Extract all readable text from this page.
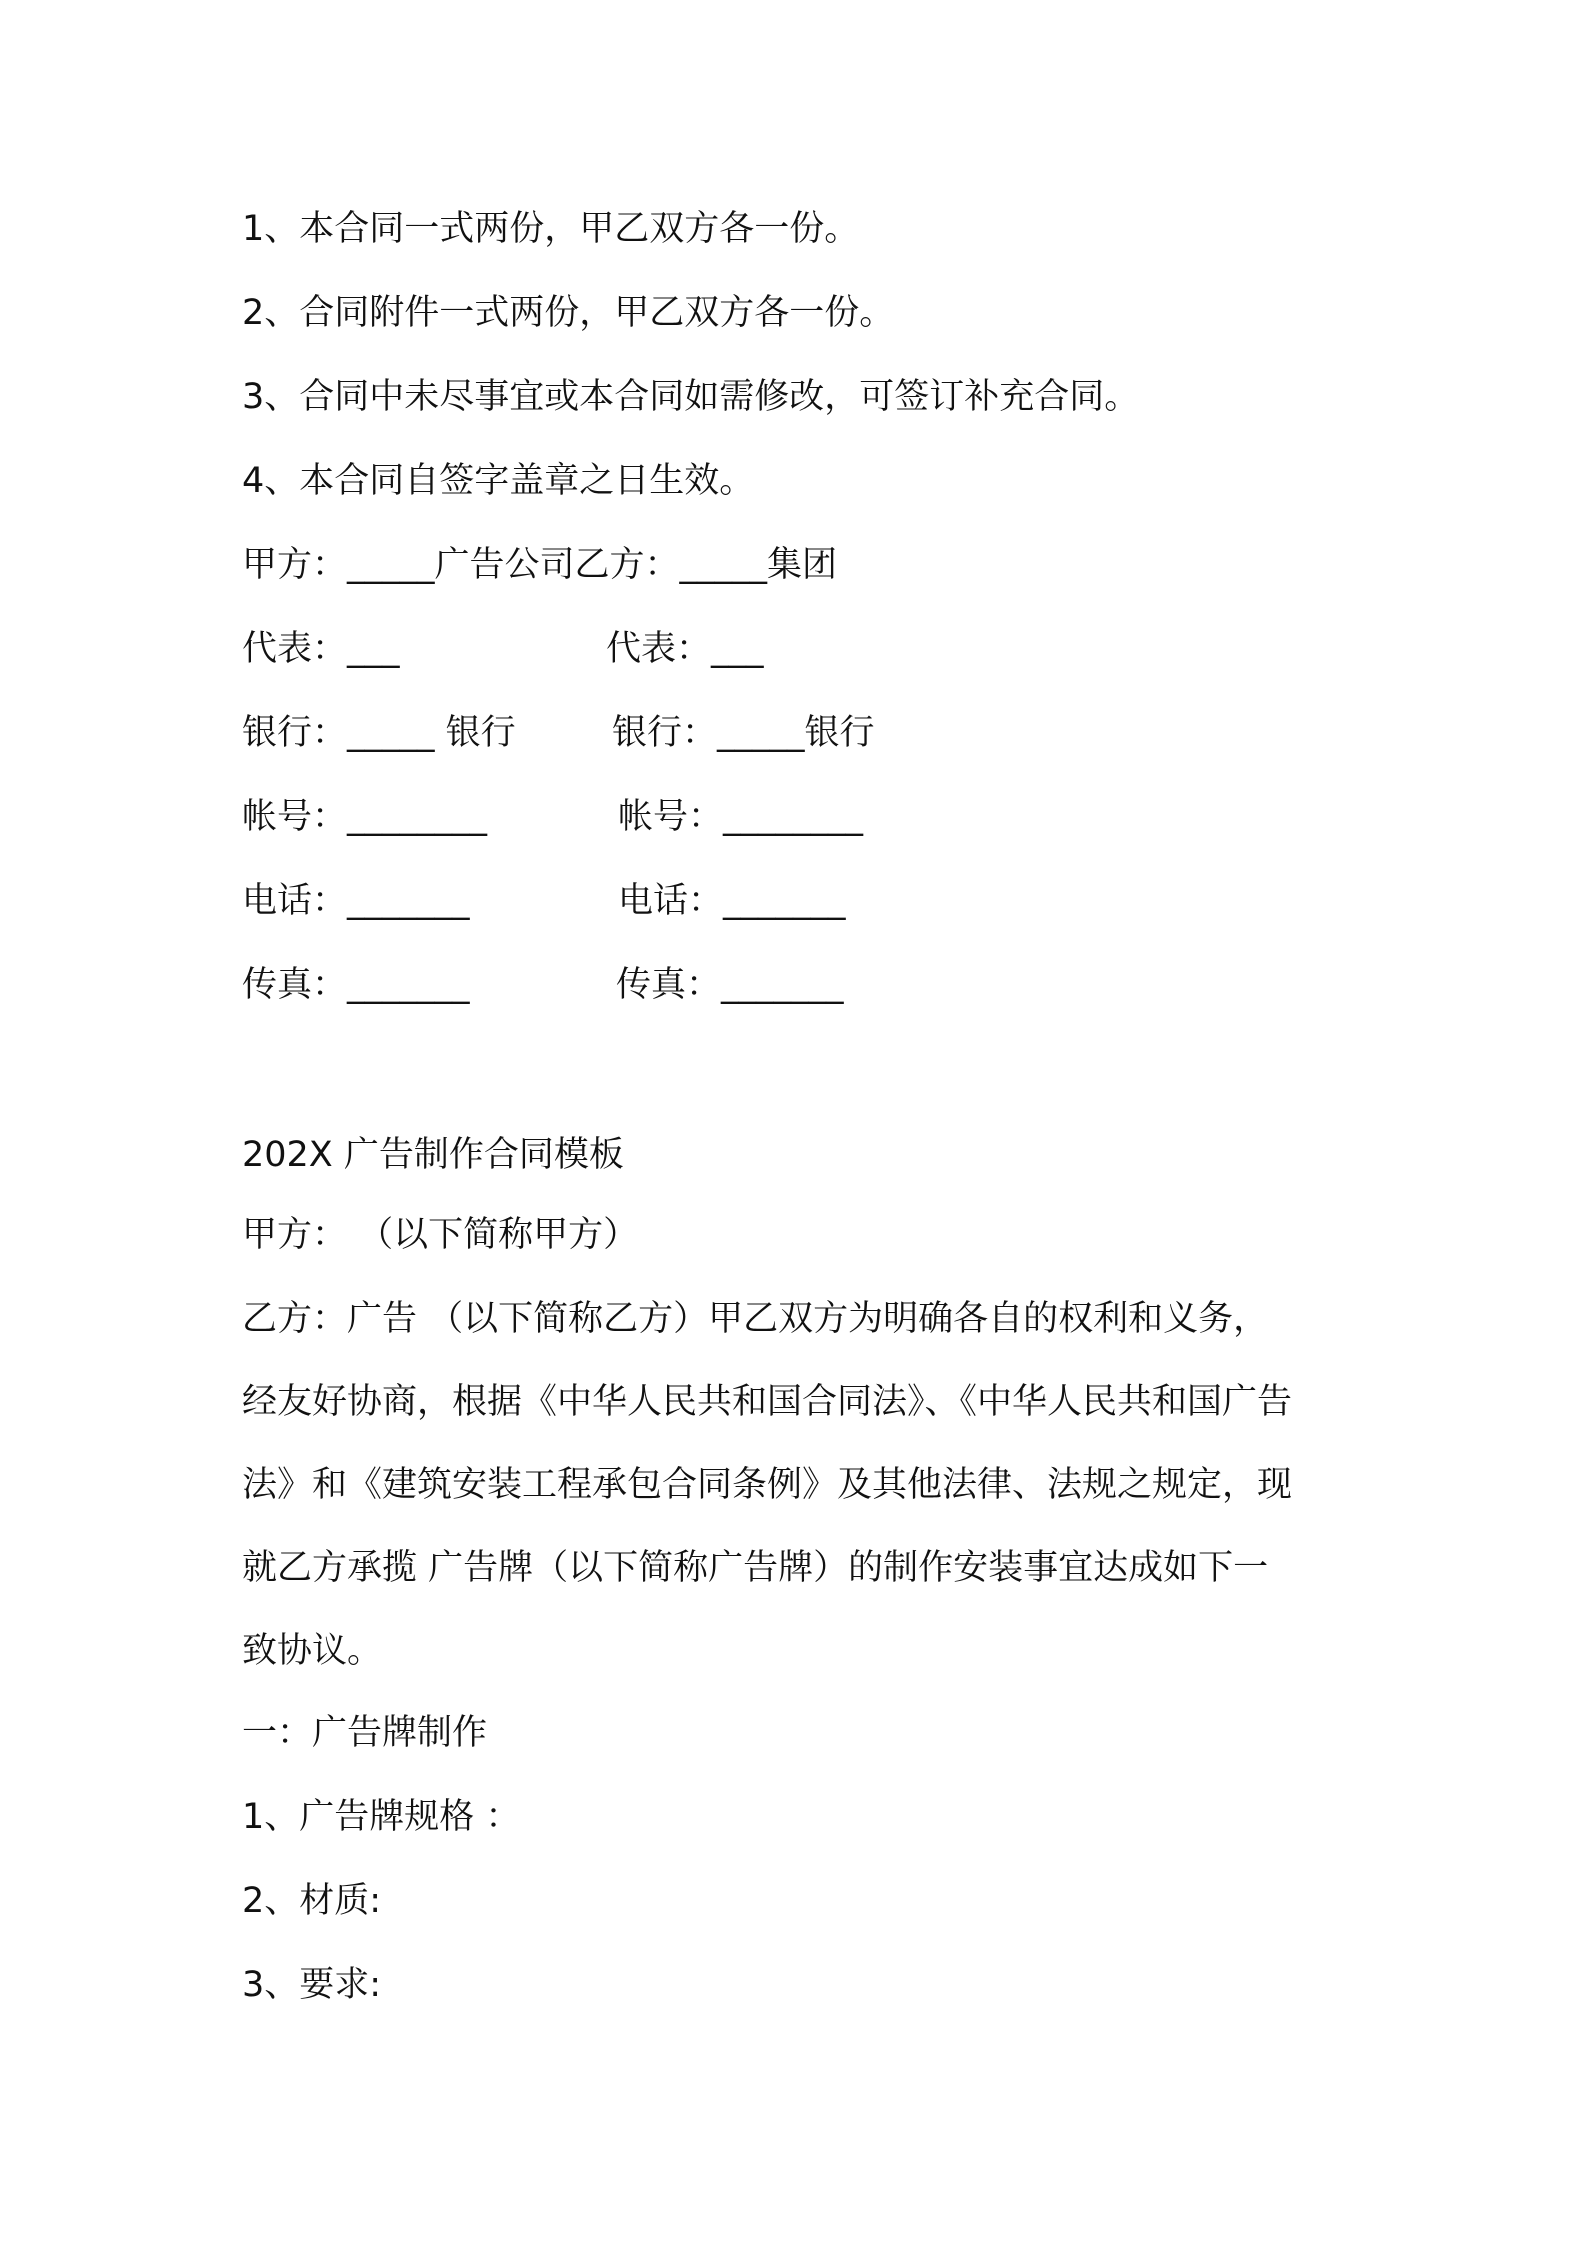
1、本合同一式两份，甲乙双方各一份。
2、合同附件一式两份，甲乙双方各一份。
3、合同中未尽事宜或本合同如需修改，可签订补充合同。
4、本合同自签字盖章之日生效。
甲方：_____广告公司乙方：_____集团
代表：___	代表：___
银行：_____ 银行	银行：_____银行
帐号：________	帐号：________
电话：_______	电话：_______
传真：_______	传真：_______
202X 广告制作合同模板
甲方： （以下简称甲方）
乙方：广告 （以下简称乙方）甲乙双方为明确各自的权利和义务，
经友好协商，根据《中华人民共和国合同法》、《中华人民共和国广告
法》和《建筑安装工程承包合同条例》及其他法律、法规之规定，现
就乙方承揽 广告牌（以下简称广告牌）的制作安装事宜达成如下一
致协议。
一：广告牌制作
1、广告牌规格 ：
2、材质:
3、要求:
